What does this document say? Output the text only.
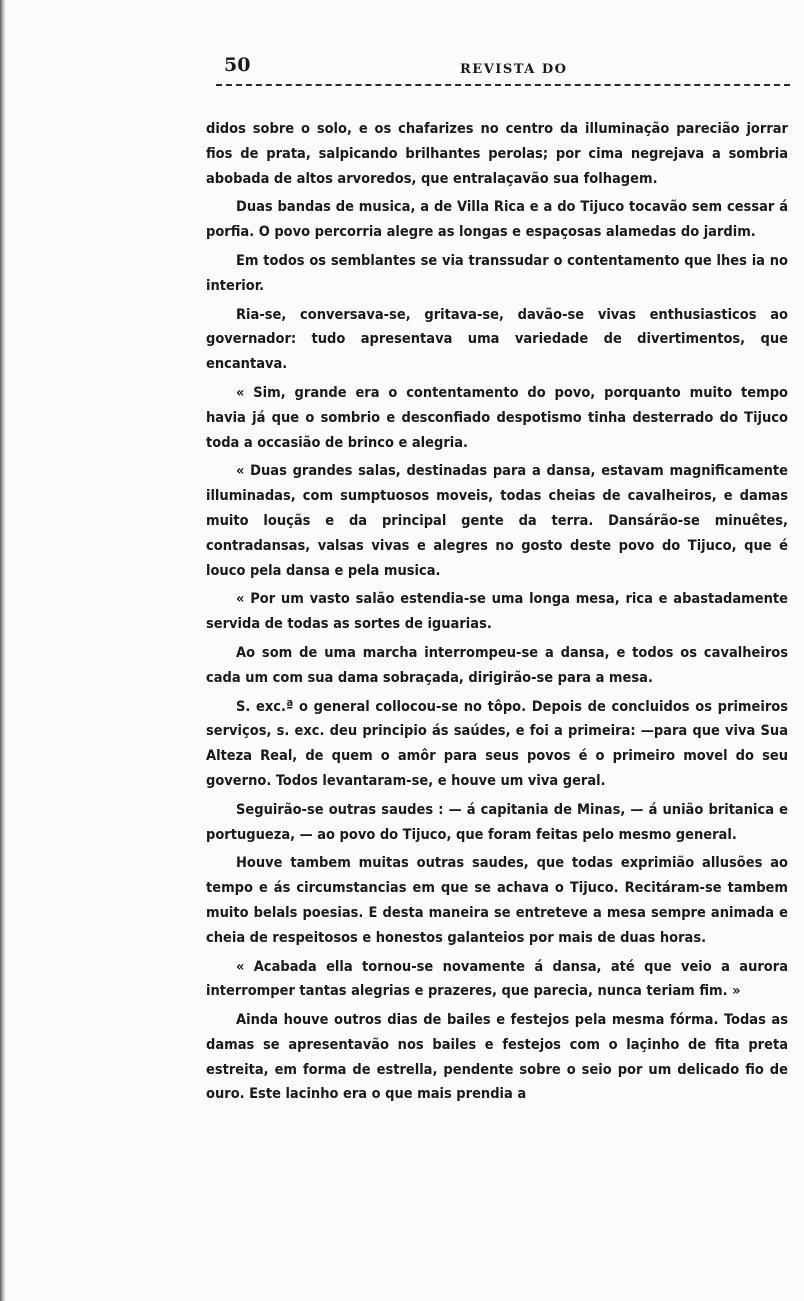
50	REVISTA DO

didos sobre o solo, e os chafarizes no centro da illuminação parecião jorrar fios de prata, salpicando brilhantes perolas; por cima negrejava a sombria abobada de altos arvoredos, que entralaçavão sua folhagem.

Duas bandas de musica, a de Villa Rica e a do Tijuco tocavão sem cessar á porfia. O povo percorria alegre as longas e espaçosas alamedas do jardim.

Em todos os semblantes se via transsudar o contentamento que lhes ia no interior.

Ria-se, conversava-se, gritava-se, davão-se vivas enthusiasticos ao governador: tudo apresentava uma variedade de divertimentos, que encantava.

« Sim, grande era o contentamento do povo, porquanto muito tempo havia já que o sombrio e desconfiado despotismo tinha desterrado do Tijuco toda a occasião de brinco e alegria.

« Duas grandes salas, destinadas para a dansa, estavam magnificamente illuminadas, com sumptuosos moveis, todas cheias de cavalheiros, e damas muito louçãs e da principal gente da terra. Dansárão-se minuêtes, contradansas, valsas vivas e alegres no gosto deste povo do Tijuco, que é louco pela dansa e pela musica.

« Por um vasto salão estendia-se uma longa mesa, rica e abastadamente servida de todas as sortes de iguarias.

Ao som de uma marcha interrompeu-se a dansa, e todos os cavalheiros cada um com sua dama sobraçada, dirigirão-se para a mesa.

S. exc.ª o general collocou-se no tôpo. Depois de concluidos os primeiros serviços, s. exc. deu principio ás saúdes, e foi a primeira: —para que viva Sua Alteza Real, de quem o amôr para seus povos é o primeiro movel do seu governo. Todos levantaram-se, e houve um viva geral.

Seguirão-se outras saudes : — á capitania de Minas, — á união britanica e portugueza, — ao povo do Tijuco, que foram feitas pelo mesmo general.

Houve tambem muitas outras saudes, que todas exprimião allusões ao tempo e ás circumstancias em que se achava o Tijuco. Recitáram-se tambem muito belals poesias. E desta maneira se entreteve a mesa sempre animada e cheia de respeitosos e honestos galanteios por mais de duas horas.

« Acabada ella tornou-se novamente á dansa, até que veio a aurora interromper tantas alegrias e prazeres, que parecia, nunca teriam fim. »

Ainda houve outros dias de bailes e festejos pela mesma fórma. Todas as damas se apresentavão nos bailes e festejos com o laçinho de fita preta estreita, em forma de estrella, pendente sobre o seio por um delicado fio de ouro. Este lacinho era o que mais prendia a
